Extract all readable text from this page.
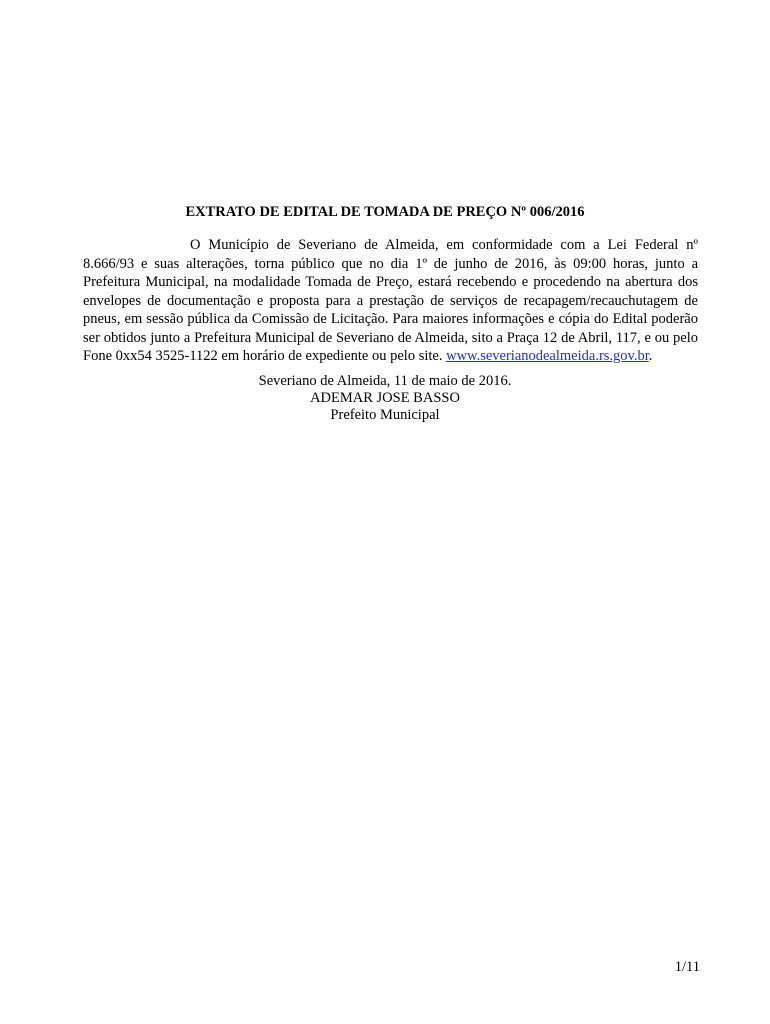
EXTRATO DE EDITAL DE TOMADA DE PREÇO Nº 006/2016

O Município de Severiano de Almeida, em conformidade com a Lei Federal nº 8.666/93 e suas alterações, torna público que no dia 1º de junho de 2016, às 09:00 horas, junto a Prefeitura Municipal, na modalidade Tomada de Preço, estará recebendo e procedendo na abertura dos envelopes de documentação e proposta para a prestação de serviços de recapagem/recauchutagem de pneus, em sessão pública da Comissão de Licitação. Para maiores informações e cópia do Edital poderão ser obtidos junto a Prefeitura Municipal de Severiano de Almeida, sito a Praça 12 de Abril, 117, e ou pelo Fone 0xx54 3525-1122 em horário de expediente ou pelo site. www.severianodealmeida.rs.gov.br.

Severiano de Almeida, 11 de maio de 2016.

ADEMAR JOSE BASSO

Prefeito Municipal

1/11
